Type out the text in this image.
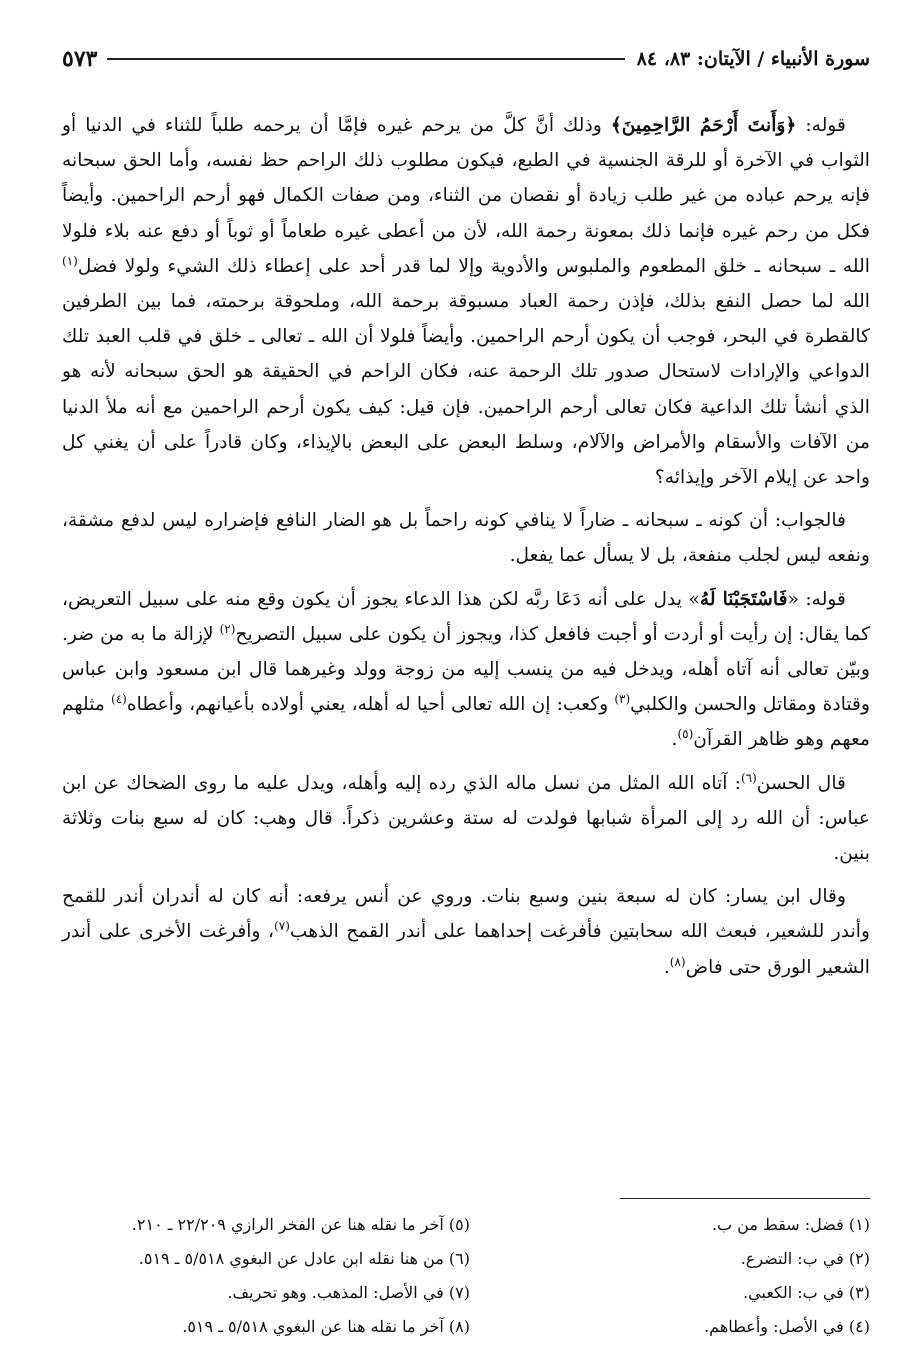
سورة الأنبياء / الآيتان: ٨٣، ٨٤
٥٧٣

قوله: ﴿وَأَنتَ أَرْحَمُ الرَّاحِمِينَ﴾ وذلك أنَّ كلَّ من يرحم غيره فإمَّا أن يرحمه طلباً للثناء في الدنيا أو الثواب في الآخرة أو للرقة الجنسية في الطبع، فيكون مطلوب ذلك الراحم حظ نفسه، وأما الحق سبحانه فإنه يرحم عباده من غير طلب زيادة أو نقصان من الثناء، ومن صفات الكمال فهو أرحم الراحمين. وأيضاً فكل من رحم غيره فإنما ذلك بمعونة رحمة الله، لأن من أعطى غيره طعاماً أو ثوباً أو دفع عنه بلاء فلولا الله ـ سبحانه ـ خلق المطعوم والملبوس والأدوية وإلا لما قدر أحد على إعطاء ذلك الشيء ولولا فضل$^{(١)}$ الله لما حصل النفع بذلك، فإذن رحمة العباد مسبوقة برحمة الله، وملحوقة برحمته، فما بين الطرفين كالقطرة في البحر، فوجب أن يكون أرحم الراحمين. وأيضاً فلولا أن الله ـ تعالى ـ خلق في قلب العبد تلك الدواعي والإرادات لاستحال صدور تلك الرحمة عنه، فكان الراحم في الحقيقة هو الحق سبحانه لأنه هو الذي أنشأ تلك الداعية فكان تعالى أرحم الراحمين. فإن قيل: كيف يكون أرحم الراحمين مع أنه ملأ الدنيا من الآفات والأسقام والأمراض والآلام، وسلط البعض على البعض بالإيذاء، وكان قادراً على أن يغني كل واحد عن إيلام الآخر وإيذائه؟

فالجواب: أن كونه ـ سبحانه ـ ضاراً لا ينافي كونه راحماً بل هو الضار النافع فإضراره ليس لدفع مشقة، ونفعه ليس لجلب منفعة، بل لا يسأل عما يفعل.

قوله: «فَاسْتَجَبْنَا لَهُ» يدل على أنه دَعَا ربَّه لكن هذا الدعاء يجوز أن يكون وقع منه على سبيل التعريض، كما يقال: إن رأيت أو أردت أو أجبت فافعل كذا، ويجوز أن يكون على سبيل التصريح$^{(٢)}$ لإزالة ما به من ضر. وبيّن تعالى أنه آتاه أهله، ويدخل فيه من ينسب إليه من زوجة وولد وغيرهما قال ابن مسعود وابن عباس وقتادة ومقاتل والحسن والكلبي$^{(٣)}$ وكعب: إن الله تعالى أحيا له أهله، يعني أولاده بأعيانهم، وأعطاه$^{(٤)}$ مثلهم معهم وهو ظاهر القرآن$^{(٥)}$.

قال الحسن$^{(٦)}$: آتاه الله المثل من نسل ماله الذي رده إليه وأهله، ويدل عليه ما روى الضحاك عن ابن عباس: أن الله رد إلى المرأة شبابها فولدت له ستة وعشرين ذكراً. قال وهب: كان له سبع بنات وثلاثة بنين.

وقال ابن يسار: كان له سبعة بنين وسبع بنات. وروي عن أنس يرفعه: أنه كان له أندران أندر للقمح وأندر للشعير، فبعث الله سحابتين فأفرغت إحداهما على أندر القمح الذهب$^{(٧)}$، وأفرغت الأخرى على أندر الشعير الورق حتى فاض$^{(٨)}$.

(١) فضل: سقط من ب.
(٥) آخر ما نقله هنا عن الفخر الرازي ٢٢/٢٠٩ ـ ٢١٠.
(٢) في ب: التضرع.
(٦) من هنا نقله ابن عادل عن البغوي ٥/٥١٨ ـ ٥١٩.
(٣) في ب: الكعبي.
(٧) في الأصل: المذهب. وهو تحريف.
(٤) في الأصل: وأعطاهم.
(٨) آخر ما نقله هنا عن البغوي ٥/٥١٨ ـ ٥١٩.
